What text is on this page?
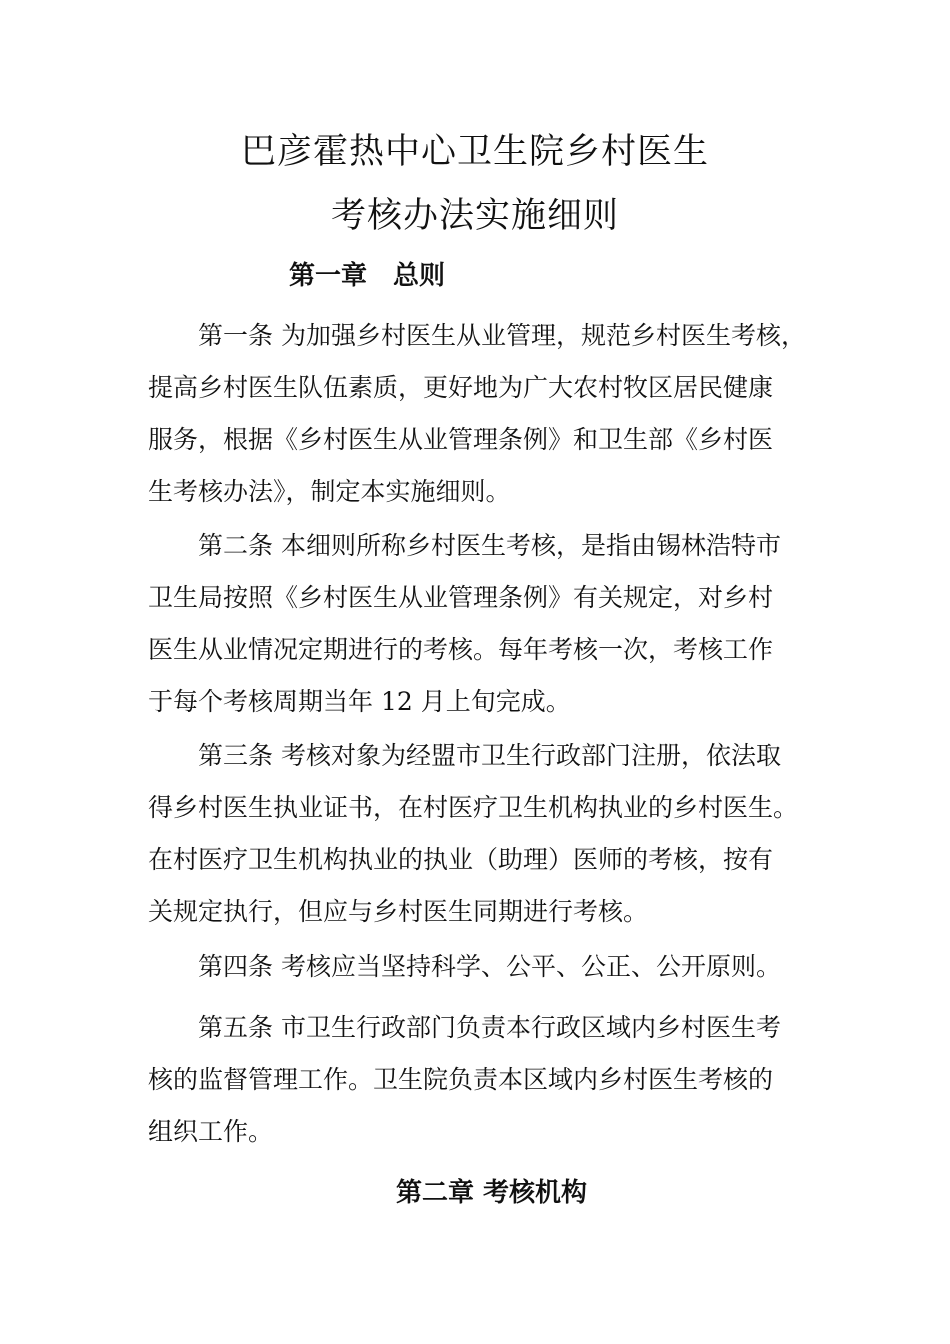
巴彦霍热中心卫生院乡村医生
考核办法实施细则
第一章　总则
第一条 为加强乡村医生从业管理，规范乡村医生考核，
提高乡村医生队伍素质，更好地为广大农村牧区居民健康
服务，根据《乡村医生从业管理条例》和卫生部《乡村医
生考核办法》，制定本实施细则。
第二条 本细则所称乡村医生考核，是指由锡林浩特市
卫生局按照《乡村医生从业管理条例》有关规定，对乡村
医生从业情况定期进行的考核。每年考核一次，考核工作
于每个考核周期当年 12 月上旬完成。
第三条 考核对象为经盟市卫生行政部门注册，依法取
得乡村医生执业证书，在村医疗卫生机构执业的乡村医生。
在村医疗卫生机构执业的执业（助理）医师的考核，按有
关规定执行，但应与乡村医生同期进行考核。
第四条 考核应当坚持科学、公平、公正、公开原则。
第五条 市卫生行政部门负责本行政区域内乡村医生考
核的监督管理工作。卫生院负责本区域内乡村医生考核的
组织工作。
第二章 考核机构
